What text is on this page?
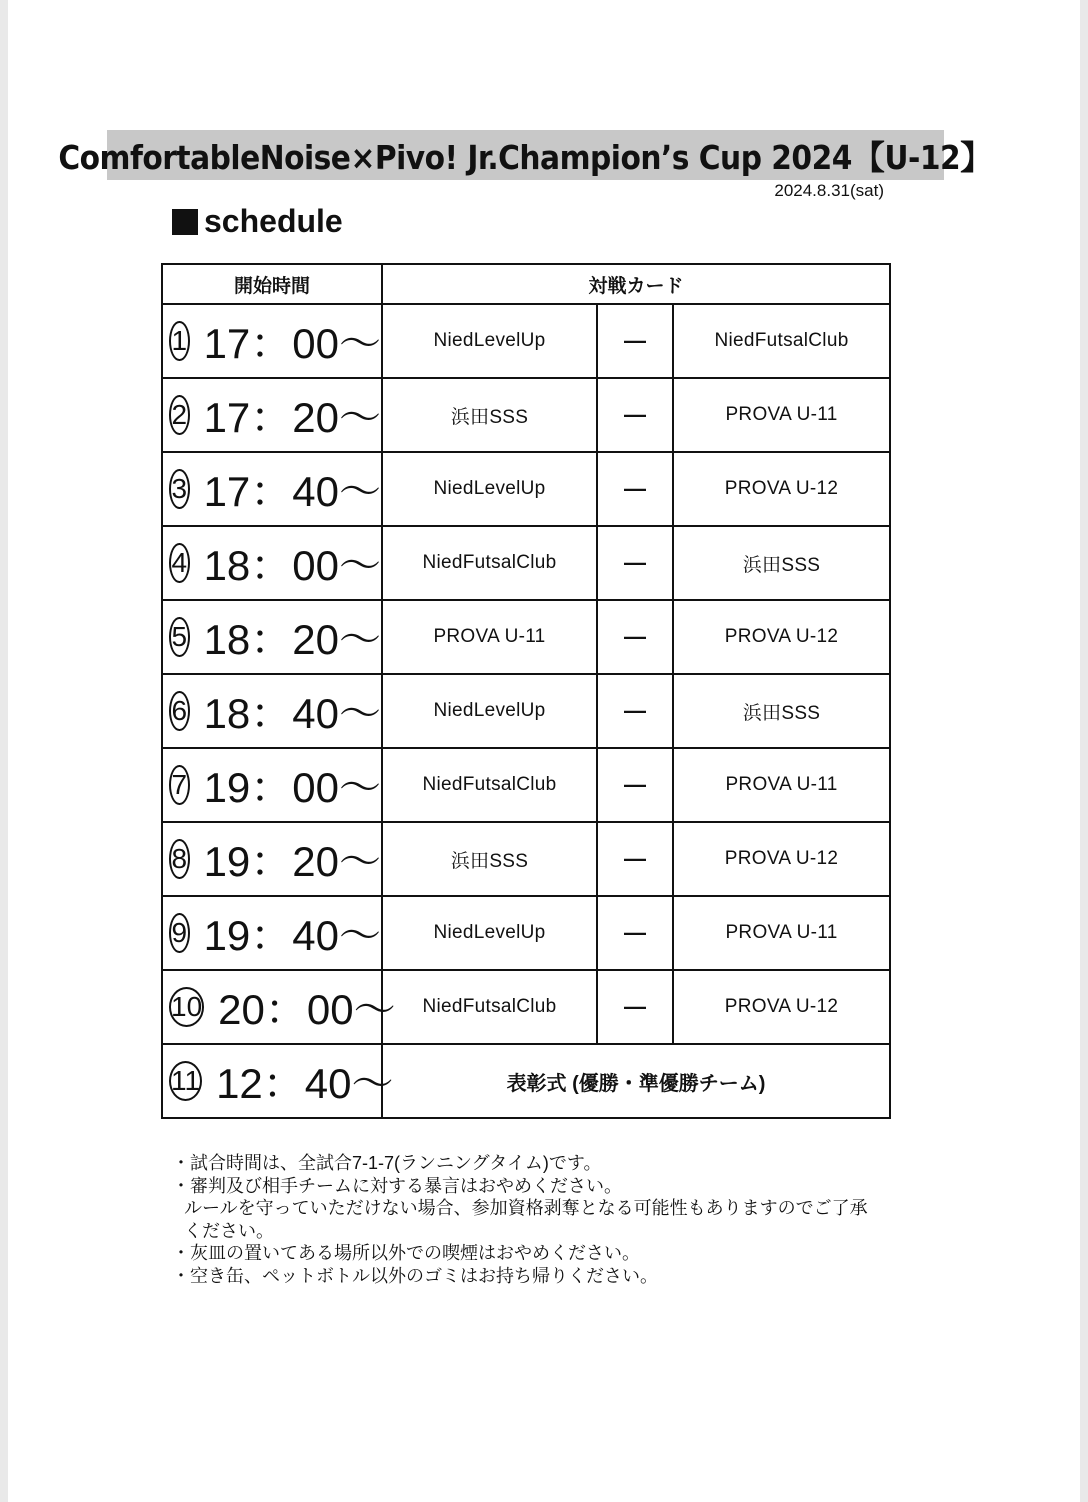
ComfortableNoise×Pivo! Jr.Champion’s Cup 2024【U-12】
2024.8.31(sat)
schedule
開始時間	対戦カード		

1 17：00～	NiedLevelUp	—	NiedFutsalClub

2 17：20～	浜田SSS	—	PROVA U-11

3 17：40～	NiedLevelUp	—	PROVA U-12

4 18：00～	NiedFutsalClub	—	浜田SSS

5 18：20～	PROVA U-11	—	PROVA U-12

6 18：40～	NiedLevelUp	—	浜田SSS

7 19：00～	NiedFutsalClub	—	PROVA U-11

8 19：20～	浜田SSS	—	PROVA U-12

9 19：40～	NiedLevelUp	—	PROVA U-11

10 20：00～	NiedFutsalClub	—	PROVA U-12

11 12：40～	表彰式 (優勝・準優勝チーム)		
・試合時間は、全試合7-1-7(ランニングタイム)です。
・審判及び相手チームに対する暴言はおやめください。
ルールを守っていただけない場合、参加資格剥奪となる可能性もありますのでご了承
ください。
・灰皿の置いてある場所以外での喫煙はおやめください。
・空き缶、ペットボトル以外のゴミはお持ち帰りください。
